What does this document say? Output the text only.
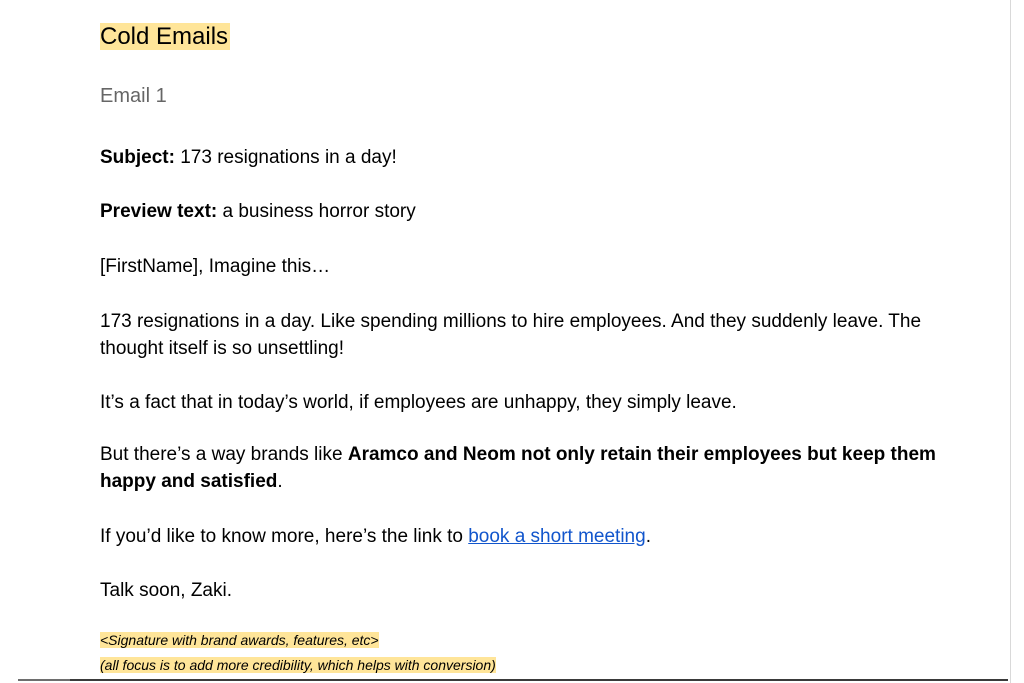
Cold Emails
Email 1
Subject: 173 resignations in a day!
Preview text: a business horror story
[FirstName], Imagine this…
173 resignations in a day. Like spending millions to hire employees. And they suddenly leave. The thought itself is so unsettling!
It’s a fact that in today’s world, if employees are unhappy, they simply leave.
But there’s a way brands like Aramco and Neom not only retain their employees but keep them happy and satisfied.
If you’d like to know more, here’s the link to book a short meeting.
Talk soon, Zaki.
<Signature with brand awards, features, etc>
(all focus is to add more credibility, which helps with conversion)
